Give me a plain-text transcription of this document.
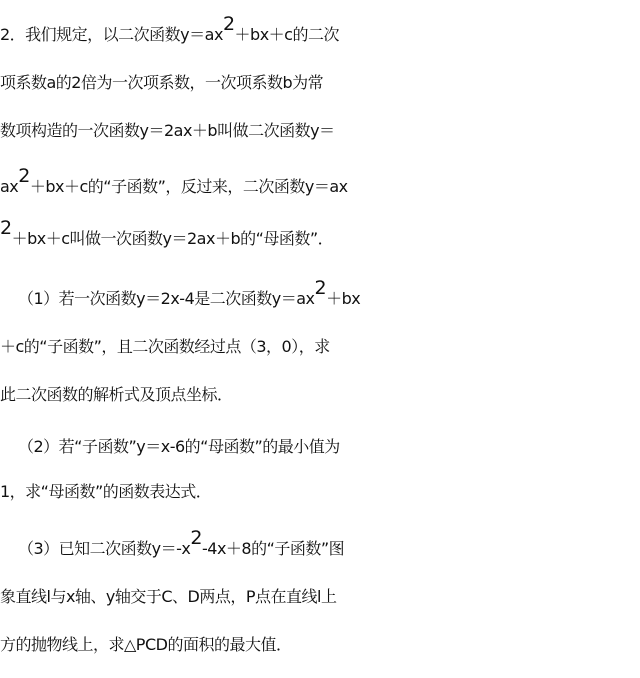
2．我们规定，以二次函数$y=ax^2+bx+c$的二次
项系数a的2倍为一次项系数，一次项系数b为常
数项构造的一次函数y＝2ax＋b叫做二次函数y＝
$ax^2+bx+c$的“子函数”，反过来，二次函数y＝ax
$^2$＋bx＋c叫做一次函数y＝2ax＋b的“母函数”．
（1）若一次函数y＝2x-4是二次函数$y=ax^2+bx$
＋c的“子函数”，且二次函数经过点（3，0），求
此二次函数的解析式及顶点坐标．
（2）若“子函数”y＝x-6的“母函数”的最小值为
1，求“母函数”的函数表达式．
（3）已知二次函数$y=-x^2-4x+8$的“子函数”图
象直线l与x轴、y轴交于C、D两点，P点在直线l上
方的抛物线上，求△PCD的面积的最大值．
